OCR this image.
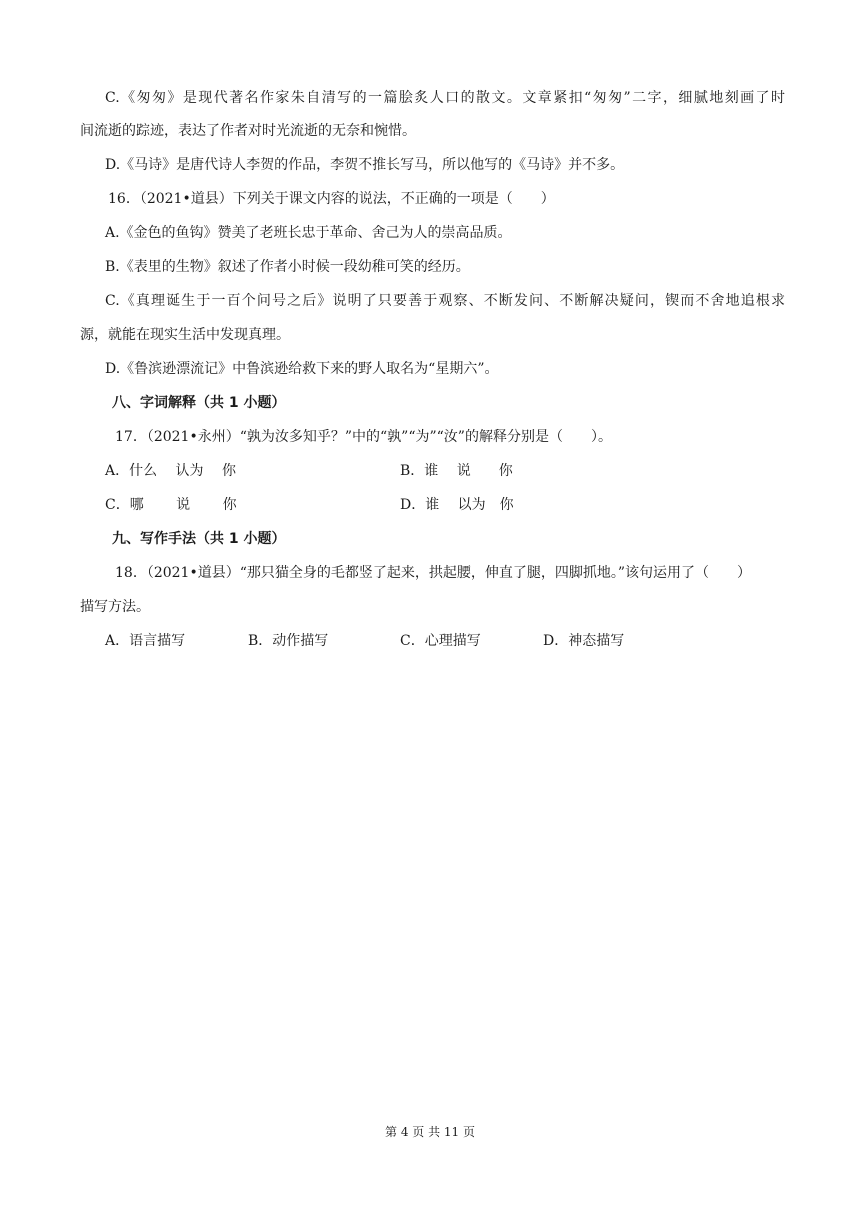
C.《匆匆》是现代著名作家朱自清写的一篇脍炙人口的散文。文章紧扣“匆匆”二字，细腻地刻画了时
间流逝的踪迹，表达了作者对时光流逝的无奈和惋惜。
D.《马诗》是唐代诗人李贺的作品，李贺不推长写马，所以他写的《马诗》并不多。
16．（2021•道县）下列关于课文内容的说法，不正确的一项是（　　）
A.《金色的鱼钩》赞美了老班长忠于革命、舍己为人的崇高品质。
B.《表里的生物》叙述了作者小时候一段幼稚可笑的经历。
C.《真理诞生于一百个问号之后》说明了只要善于观察、不断发问、不断解决疑问，锲而不舍地追根求
源，就能在现实生活中发现真理。
D.《鲁滨逊漂流记》中鲁滨逊给救下来的野人取名为“星期六”。
八、字词解释（共 1 小题）
17．（2021•永州）“孰为汝多知乎？”中的“孰”“为”“汝”的解释分别是（　　）。
A．什么　 认为　 你	B．谁　 说　　你
C．哪　　 说　　 你	D．谁　 以为　你
九、写作手法（共 1 小题）
18．（2021•道县）“那只猫全身的毛都竖了起来，拱起腰，伸直了腿，四脚抓地。”该句运用了（　　）
描写方法。
A．语言描写	B．动作描写	C．心理描写	D．神态描写
第 4 页 共 11 页
